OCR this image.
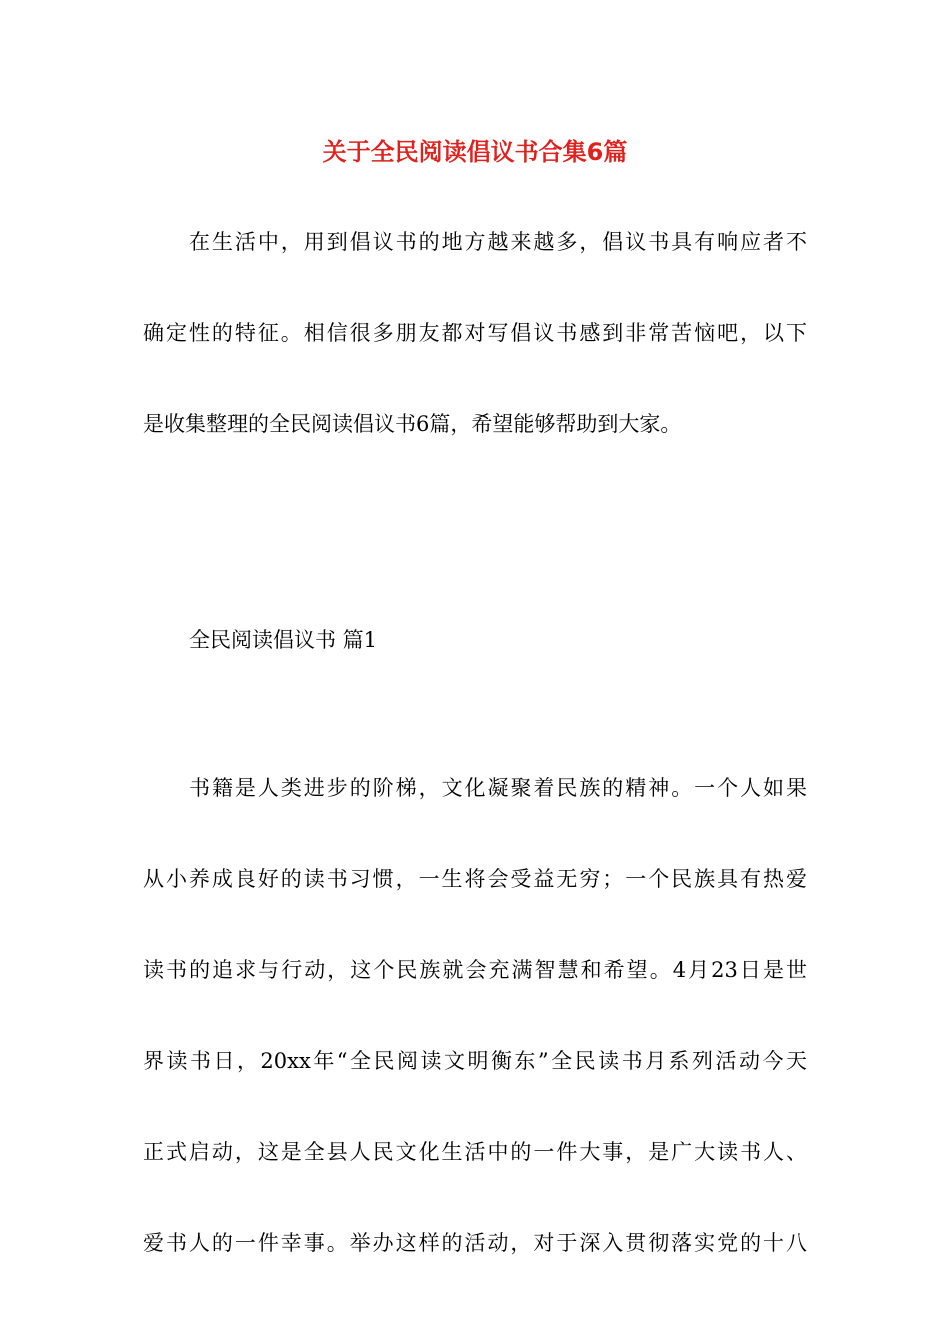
关于全民阅读倡议书合集6篇
在生活中，用到倡议书的地方越来越多，倡议书具有响应者不
确定性的特征。相信很多朋友都对写倡议书感到非常苦恼吧，以下
是收集整理的全民阅读倡议书6篇，希望能够帮助到大家。
全民阅读倡议书 篇1
书籍是人类进步的阶梯，文化凝聚着民族的精神。一个人如果
从小养成良好的读书习惯，一生将会受益无穷；一个民族具有热爱
读书的追求与行动，这个民族就会充满智慧和希望。4月23日是世
界读书日，20xx年“全民阅读文明衡东”全民读书月系列活动今天
正式启动，这是全县人民文化生活中的一件大事，是广大读书人、
爱书人的一件幸事。举办这样的活动，对于深入贯彻落实党的十八
